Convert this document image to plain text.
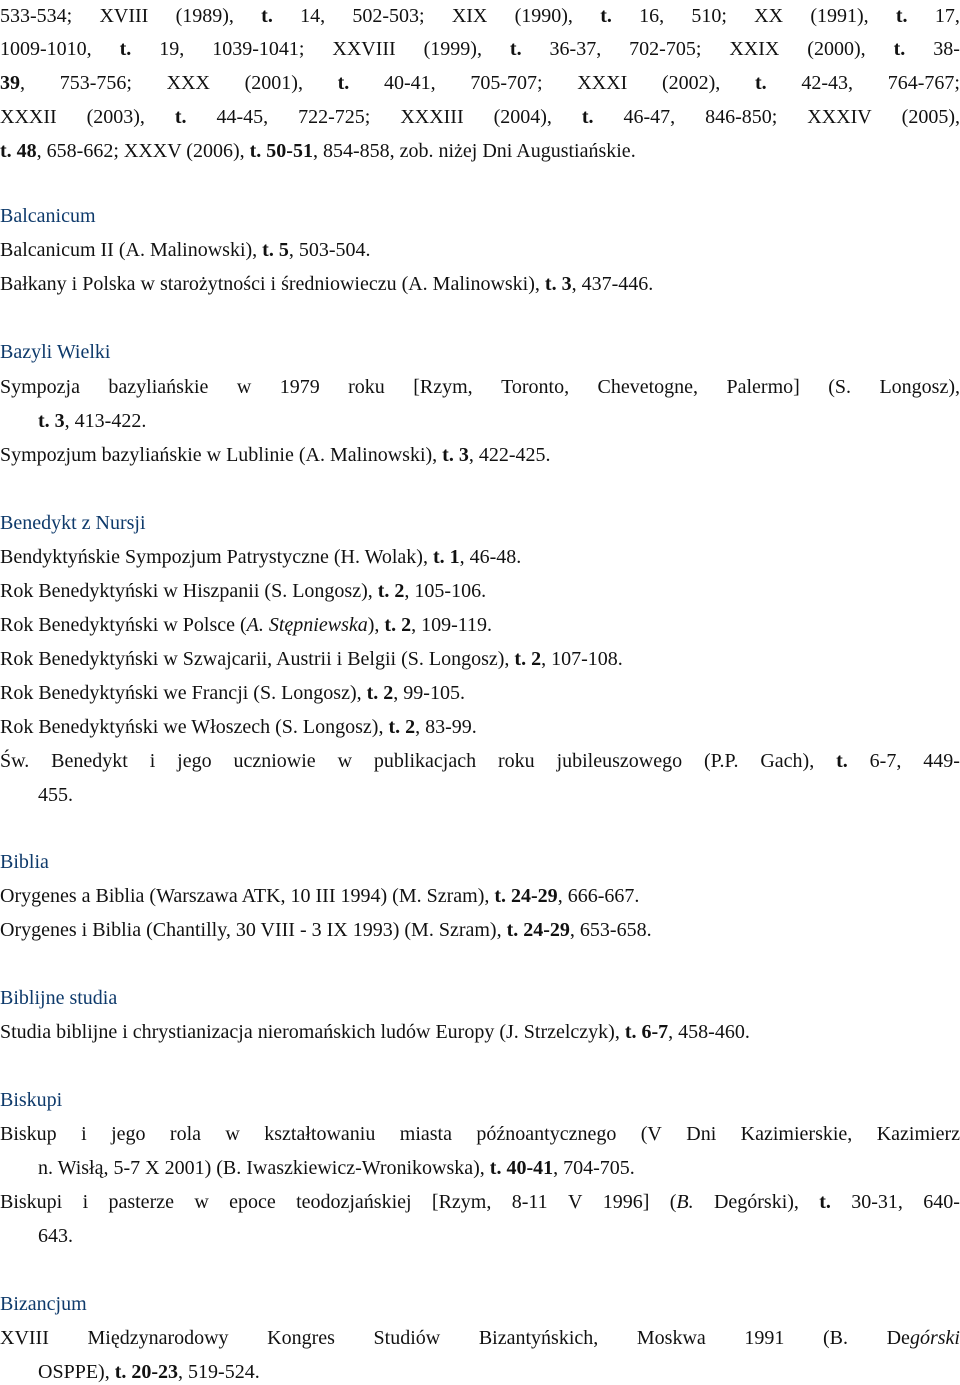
533-534; XVIII (1989), t. 14, 502-503; XIX (1990), t. 16, 510; XX (1991), t. 17,
1009-1010, t. 19, 1039-1041; XXVIII (1999), t. 36-37, 702-705; XXIX (2000), t. 38-
39, 753-756; XXX (2001), t. 40-41, 705-707; XXXI (2002), t. 42-43, 764-767;
XXXII (2003), t. 44-45, 722-725; XXXIII (2004), t. 46-47, 846-850; XXXIV (2005),
t. 48, 658-662; XXXV (2006), t. 50-51, 854-858, zob. niżej Dni Augustiańskie.
Balcanicum
Balcanicum II (A. Malinowski), t. 5, 503-504.
Bałkany i Polska w starożytności i średniowieczu (A. Malinowski), t. 3, 437-446.
Bazyli Wielki
Sympozja bazyliańskie w 1979 roku [Rzym, Toronto, Chevetogne, Palermo] (S. Longosz),
t. 3, 413-422.
Sympozjum bazyliańskie w Lublinie (A. Malinowski), t. 3, 422-425.
Benedykt z Nursji
Bendyktyńskie Sympozjum Patrystyczne (H. Wolak), t. 1, 46-48.
Rok Benedyktyński w Hiszpanii (S. Longosz), t. 2, 105-106.
Rok Benedyktyński w Polsce (A. Stępniewska), t. 2, 109-119.
Rok Benedyktyński w Szwajcarii, Austrii i Belgii (S. Longosz), t. 2, 107-108.
Rok Benedyktyński we Francji (S. Longosz), t. 2, 99-105.
Rok Benedyktyński we Włoszech (S. Longosz), t. 2, 83-99.
Św. Benedykt i jego uczniowie w publikacjach roku jubileuszowego (P.P. Gach), t. 6-7, 449-
455.
Biblia
Orygenes a Biblia (Warszawa ATK, 10 III 1994) (M. Szram), t. 24-29, 666-667.
Orygenes i Biblia (Chantilly, 30 VIII - 3 IX 1993) (M. Szram), t. 24-29, 653-658.
Biblijne studia
Studia biblijne i chrystianizacja nieromańskich ludów Europy (J. Strzelczyk), t. 6-7, 458-460.
Biskupi
Biskup i jego rola w kształtowaniu miasta późnoantycznego (V Dni Kazimierskie, Kazimierz
n. Wisłą, 5-7 X 2001) (B. Iwaszkiewicz-Wronikowska), t. 40-41, 704-705.
Biskupi i pasterze w epoce teodozjańskiej [Rzym, 8-11 V 1996] (B. Degórski), t. 30-31, 640-
643.
Bizancjum
XVIII Międzynarodowy Kongres Studiów Bizantyńskich, Moskwa 1991 (B. Degórski
OSPPE), t. 20-23, 519-524.
